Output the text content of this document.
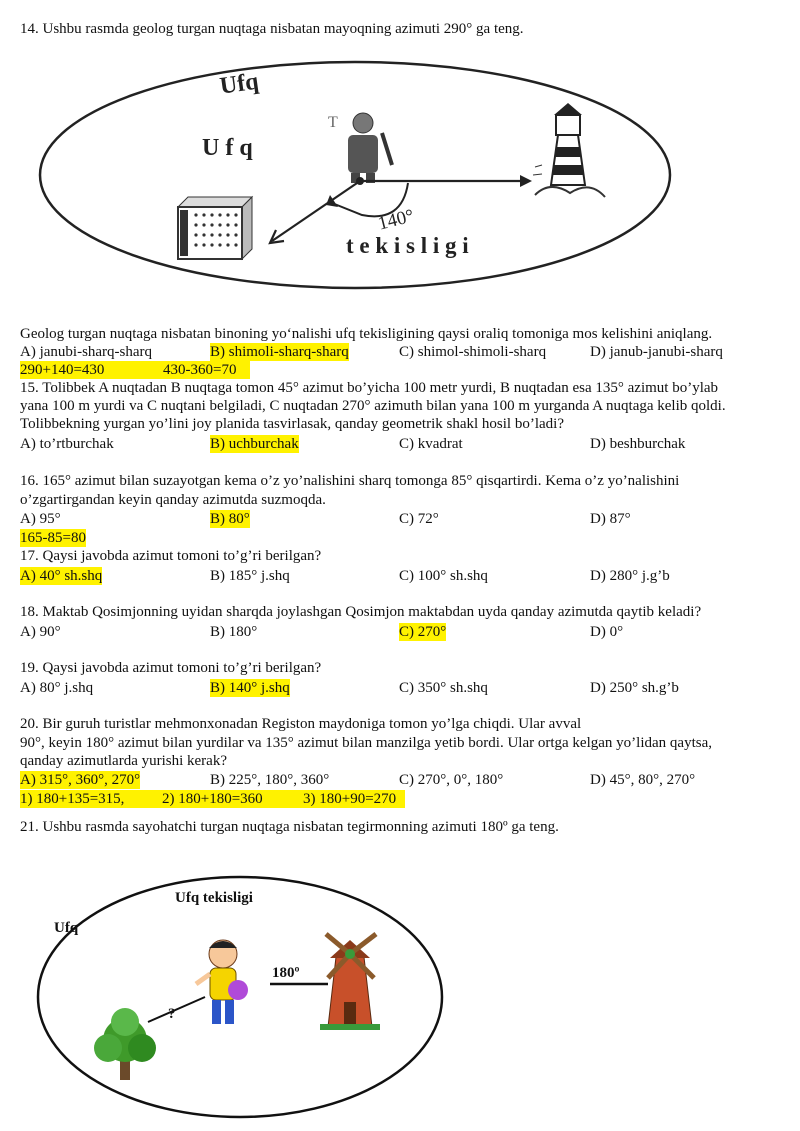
14. Ushbu rasmda geolog turgan nuqtaga nisbatan mayoqning azimuti 290° ga teng.
Ufq
U f q
t e k i s l i g i
T
140°
Geolog turgan nuqtaga nisbatan binoning yo‘nalishi ufq tekisligining qaysi oraliq tomoniga mos kelishini aniqlang.
A) janubi-sharq-sharq	B) shimoli-sharq-sharq	C) shimol-shimoli-sharq	D) janub-janubi-sharq
290+140=430	430-360=70
15. Tolibbek A nuqtadan B nuqtaga tomon 45° azimut bo’yicha 100 metr yurdi, B nuqtadan esa 135° azimut bo’ylab
yana 100 m yurdi va C nuqtani belgiladi, C nuqtadan 270° azimuth bilan yana 100 m yurganda A nuqtaga kelib qoldi.
Tolibbekning yurgan yo’lini joy planida tasvirlasak, qanday geometrik shakl hosil bo’ladi?
A) to’rtburchak	B) uchburchak	C) kvadrat	D) beshburchak
16. 165° azimut bilan suzayotgan kema o’z yo’nalishini sharq tomonga 85° qisqartirdi. Kema o’z yo’nalishini
o’zgartirgandan keyin qanday azimutda suzmoqda.
A) 95°	B) 80°	C) 72°	D) 87°
165-85=80
17. Qaysi javobda azimut tomoni to’g’ri berilgan?
A) 40° sh.shq	B) 185° j.shq	C) 100° sh.shq	D) 280° j.g’b
18. Maktab Qosimjonning uyidan sharqda joylashgan Qosimjon maktabdan uyda qanday azimutda qaytib keladi?
A) 90°	B) 180°	C) 270°	D) 0°
19. Qaysi javobda azimut tomoni to’g’ri berilgan?
A) 80° j.shq	B) 140° j.shq	C) 350° sh.shq	D) 250° sh.g’b
20. Bir guruh turistlar mehmonxonadan Registon maydoniga tomon yo’lga chiqdi. Ular avval
90°, keyin 180° azimut bilan yurdilar va 135° azimut bilan manzilga yetib bordi. Ular ortga kelgan yo’lidan qaytsa,
qanday azimutlarda yurishi kerak?
A) 315°, 360°, 270°	B) 225°, 180°, 360°	C) 270°, 0°, 180°	D) 45°, 80°, 270°
1) 180+135=315,	2) 180+180=360	3) 180+90=270
21. Ushbu rasmda sayohatchi turgan nuqtaga nisbatan tegirmonning azimuti 180º ga teng.
Ufq tekisligi
Ufq
180º
?
